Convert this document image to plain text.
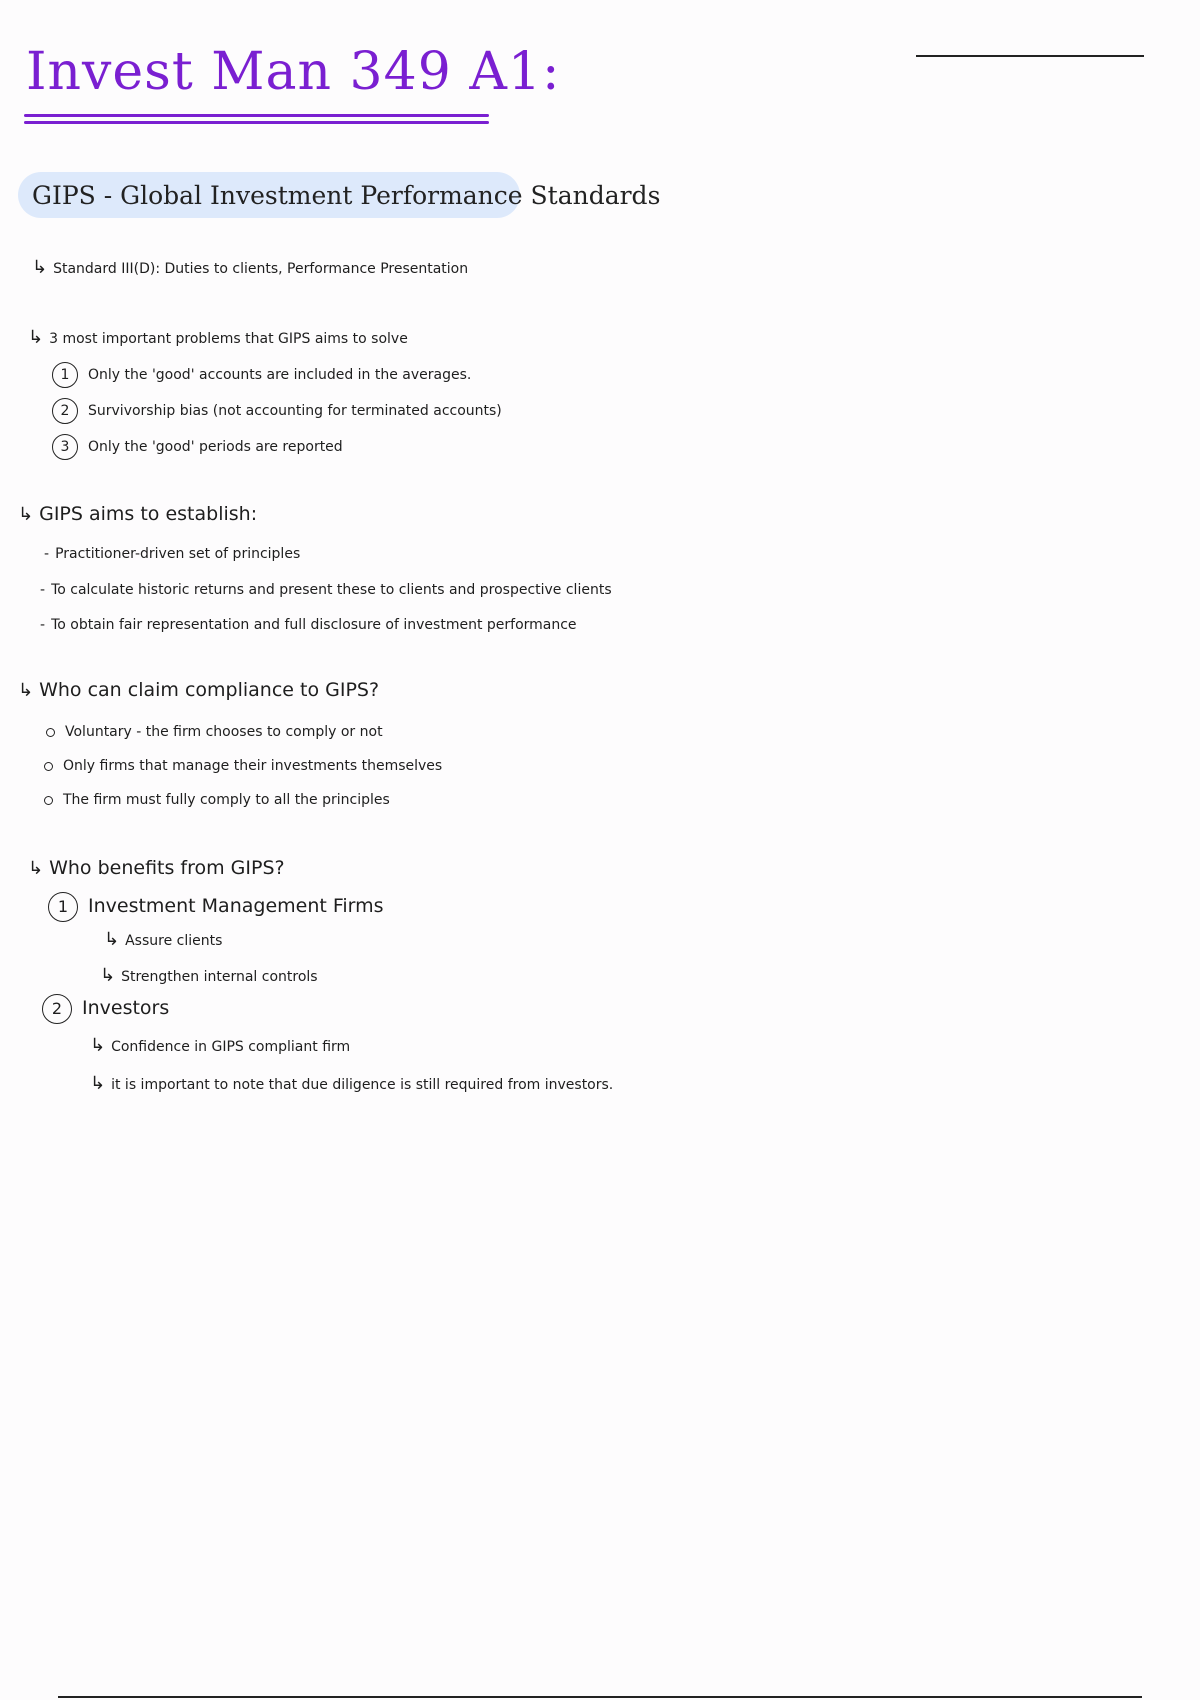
Invest Man 349 A1:
GIPS - Global Investment Performance Standards
↳ Standard III(D): Duties to clients, Performance Presentation
↳ 3 most important problems that GIPS aims to solve
1 Only the 'good' accounts are included in the averages.
2 Survivorship bias (not accounting for terminated accounts)
3 Only the 'good' periods are reported
↳ GIPS aims to establish:
- Practitioner-driven set of principles
- To calculate historic returns and present these to clients and prospective clients
- To obtain fair representation and full disclosure of investment performance
↳ Who can claim compliance to GIPS?
Voluntary - the firm chooses to comply or not
Only firms that manage their investments themselves
The firm must fully comply to all the principles
↳ Who benefits from GIPS?
1 Investment Management Firms
↳ Assure clients
↳ Strengthen internal controls
2 Investors
↳ Confidence in GIPS compliant firm
↳ it is important to note that due diligence is still required from investors.
